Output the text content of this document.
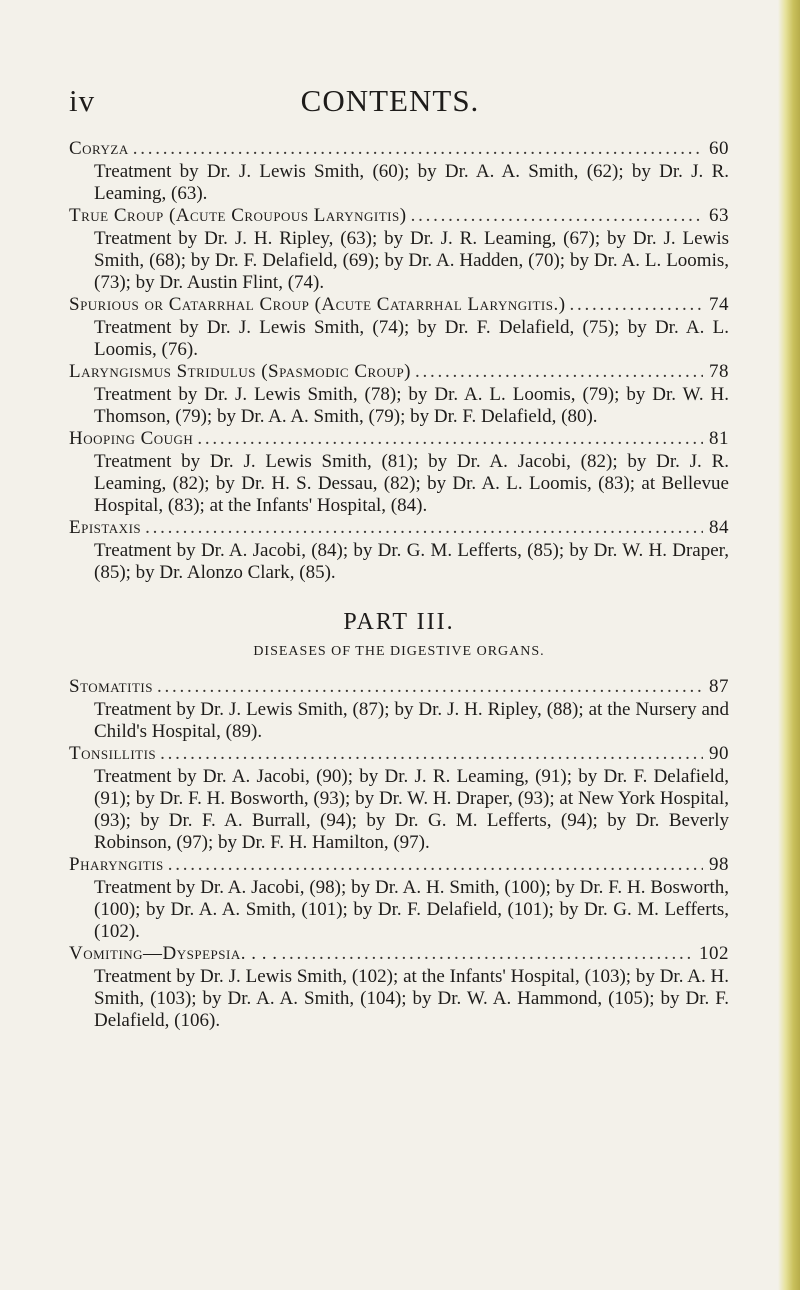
iv	CONTENTS.
Coryza . . .	60

Treatment by Dr. J. Lewis Smith, (60); by Dr. A. A. Smith, (62); by Dr. J. R. Leaming, (63).

True Croup (Acute Croupous Laryngitis) . . .	63

Treatment by Dr. J. H. Ripley, (63); by Dr. J. R. Leaming, (67); by Dr. J. Lewis Smith, (68); by Dr. F. Delafield, (69); by Dr. A. Hadden, (70); by Dr. A. L. Loomis, (73); by Dr. Austin Flint, (74).

Spurious or Catarrhal Croup (Acute Catarrhal Laryngitis.) . . .	74

Treatment by Dr. J. Lewis Smith, (74); by Dr. F. Delafield, (75); by Dr. A. L. Loomis, (76).

Laryngismus Stridulus (Spasmodic Croup) . . .	78

Treatment by Dr. J. Lewis Smith, (78); by Dr. A. L. Loomis, (79); by Dr. W. H. Thomson, (79); by Dr. A. A. Smith, (79); by Dr. F. Delafield, (80).

Hooping Cough . . .	81

Treatment by Dr. J. Lewis Smith, (81); by Dr. A. Jacobi, (82); by Dr. J. R. Leaming, (82); by Dr. H. S. Dessau, (82); by Dr. A. L. Loomis, (83); at Bellevue Hospital, (83); at the Infants' Hospital, (84).

Epistaxis . . .	84

Treatment by Dr. A. Jacobi, (84); by Dr. G. M. Lefferts, (85); by Dr. W. H. Draper, (85); by Dr. Alonzo Clark, (85).

PART III.
DISEASES OF THE DIGESTIVE ORGANS.
Stomatitis . . .	87

Treatment by Dr. J. Lewis Smith, (87); by Dr. J. H. Ripley, (88); at the Nursery and Child's Hospital, (89).

Tonsillitis . . .	90

Treatment by Dr. A. Jacobi, (90); by Dr. J. R. Leaming, (91); by Dr. F. Delafield, (91); by Dr. F. H. Bosworth, (93); by Dr. W. H. Draper, (93); at New York Hospital, (93); by Dr. F. A. Burrall, (94); by Dr. G. M. Lefferts, (94); by Dr. Beverly Robinson, (97); by Dr. F. H. Hamilton, (97).

Pharyngitis . . .	98

Treatment by Dr. A. Jacobi, (98); by Dr. A. H. Smith, (100); by Dr. F. H. Bosworth, (100); by Dr. A. A. Smith, (101); by Dr. F. Delafield, (101); by Dr. G. M. Lefferts, (102).

Vomiting—Dyspepsia. . . . . . .	102

Treatment by Dr. J. Lewis Smith, (102); at the Infants' Hospital, (103); by Dr. A. H. Smith, (103); by Dr. A. A. Smith, (104); by Dr. W. A. Hammond, (105); by Dr. F. Delafield, (106).
